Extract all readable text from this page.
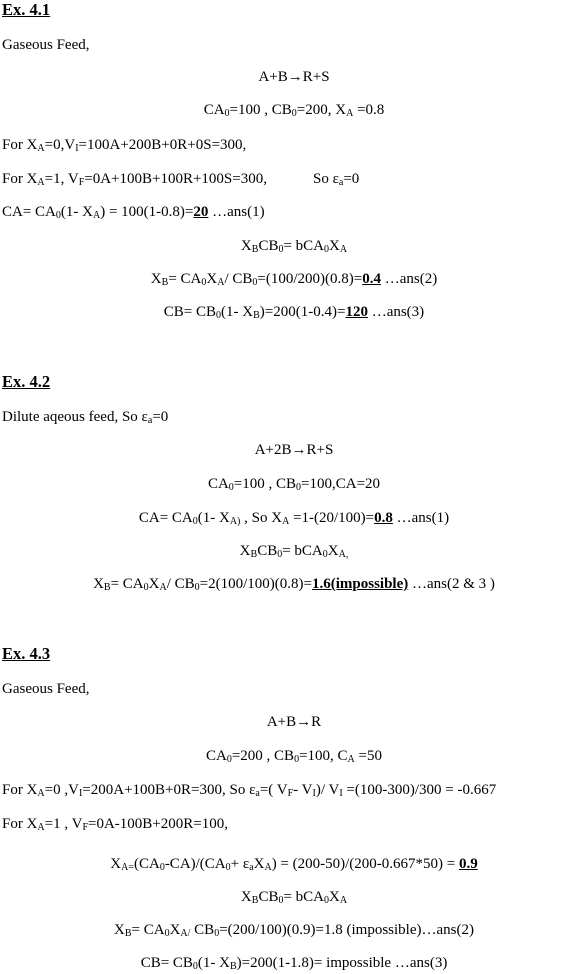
Ex. 4.1
Gaseous Feed,
A+B→R+S
$CA_0=100$ , $CB_0=200$, $X_A =0.8$
For $X_A=0,V_I=100A+200B+0R+0S=300$,
For $X_A=1$, $V_F=0A+100B+100R+100S=300$,	So $\varepsilon_a=0$
$CA= CA_0(1-$ $X_A) = 100(1-0.8)=20$ …ans(1)
$X_BCB_0= bCA_0X_A$
$X_B= CA_0X_A/$ $CB_0=(100/200)(0.8)=0.4$ …ans(2)
$CB= CB_0(1-$ $X_B)=200(1-0.4)=120$ …ans(3)
Ex. 4.2
Dilute aqeous feed, So $\varepsilon_a=0$
A+2B→R+S
$CA_0=100$ , $CB_0=100,CA=20$
$CA= CA_0(1-$ $X_{A)}$ , So $X_A =1-(20/100)=0.8$ …ans(1)
$X_BCB_0= bCA_0X_{A,}$
$X_B= CA_0X_A/$ $CB_0=2(100/100)(0.8)=1.6(impossible)$ …ans(2 & 3 )
Ex. 4.3
Gaseous Feed,
A+B→R
$CA_0=200$ , $CB_0=100$, $C_A =50$
For $X_A=0$ $,V_I=200A+100B+0R=300$, So $\varepsilon_a=$( $V_F-$ $V_I)/$ $V_I =(100-300)/300 = -0.667$
For $X_A=1$ , $V_F=0A-100B+200R=100$,
$X_{A=}(CA_0-CA)/(CA_0+ \varepsilon_aX_A) = (200-50)/(200-0.667*50) = 0.9$
$X_BCB_0= bCA_0X_A$
$X_B= CA_0X_{A/}$ $CB_0=(200/100)(0.9)=1.8$ (impossible)…ans(2)
$CB= CB_0(1-$ $X_B)=200(1-1.8)=$ impossible …ans(3)
